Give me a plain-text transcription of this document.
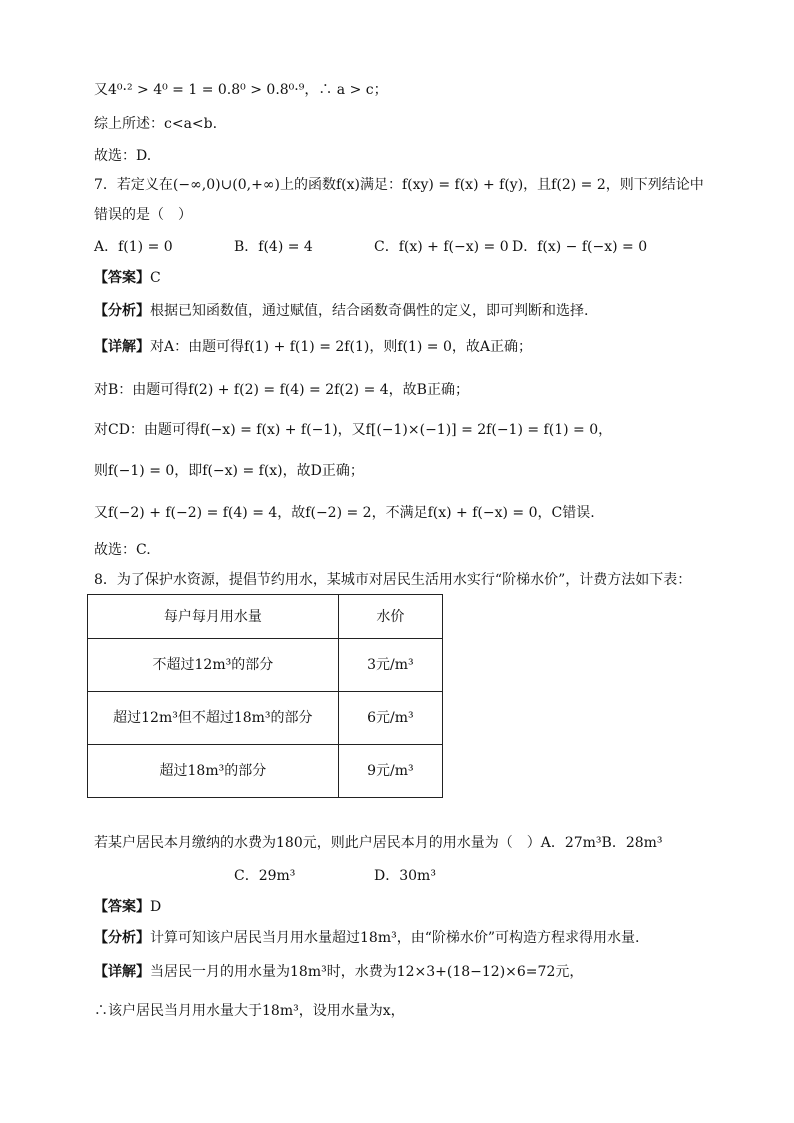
又4⁰·² > 4⁰ = 1 = 0.8⁰ > 0.8⁰·⁹，∴ a > c；
综上所述：c<a<b.
故选：D.
7．若定义在(−∞,0)∪(0,+∞)上的函数f(x)满足：f(xy) = f(x) + f(y)，且f(2) = 2，则下列结论中
错误的是（　）
A．f(1) = 0	B．f(4) = 4	C．f(x) + f(−x) = 0 D．f(x) − f(−x) = 0
【答案】C
【分析】根据已知函数值，通过赋值，结合函数奇偶性的定义，即可判断和选择.
【详解】对A：由题可得f(1) + f(1) = 2f(1)，则f(1) = 0，故A正确；
对B：由题可得f(2) + f(2) = f(4) = 2f(2) = 4，故B正确；
对CD：由题可得f(−x) = f(x) + f(−1)，又f[(−1)×(−1)] = 2f(−1) = f(1) = 0，
则f(−1) = 0，即f(−x) = f(x)，故D正确；
又f(−2) + f(−2) = f(4) = 4，故f(−2) = 2，不满足f(x) + f(−x) = 0，C错误.
故选：C.
8．为了保护水资源，提倡节约用水，某城市对居民生活用水实行“阶梯水价”，计费方法如下表：
每户每月用水量	水价
不超过12m³的部分	3元/m³
超过12m³但不超过18m³的部分	6元/m³
超过18m³的部分	9元/m³
若某户居民本月缴纳的水费为180元，则此户居民本月的用水量为（　）A．27m³B．28m³
C．29m³	D．30m³
【答案】D
【分析】计算可知该户居民当月用水量超过18m³，由“阶梯水价”可构造方程求得用水量.
【详解】当居民一月的用水量为18m³时，水费为12×3+(18−12)×6=72元，
∴该户居民当月用水量大于18m³，设用水量为x，
